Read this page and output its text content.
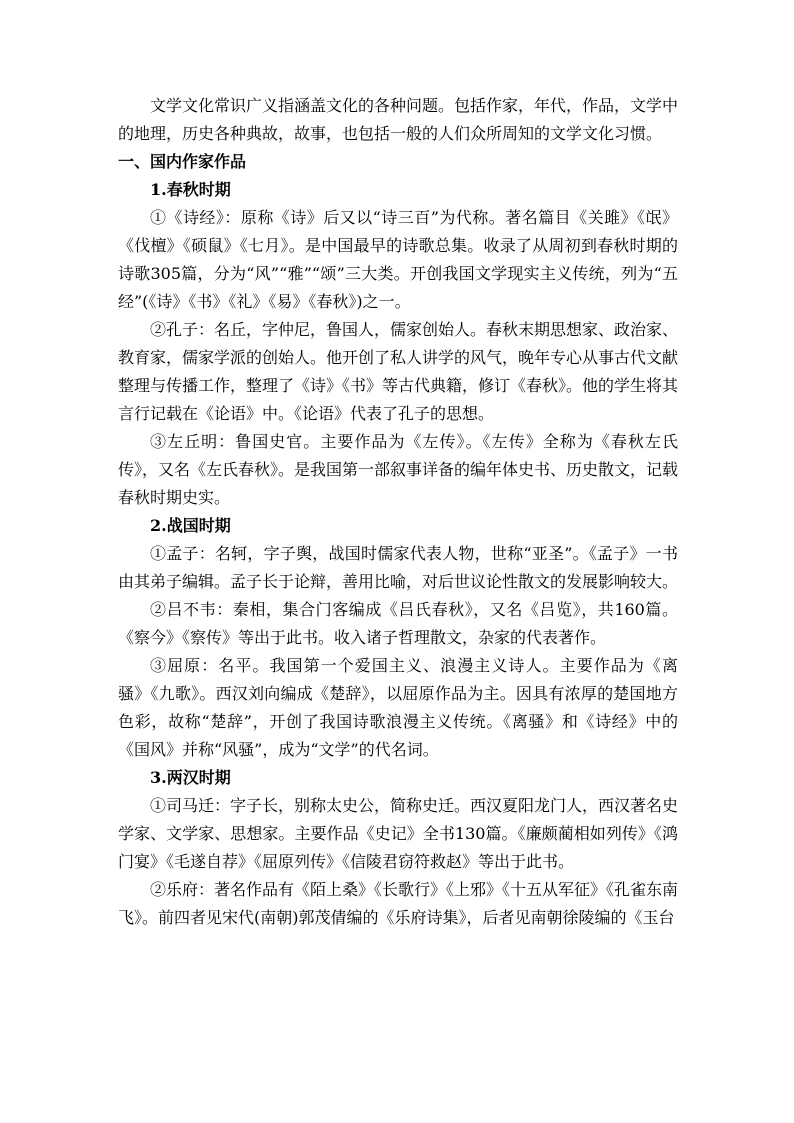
文学文化常识广义指涵盖文化的各种问题。包括作家，年代，作品，文学中的地理，历史各种典故，故事，也包括一般的人们众所周知的文学文化习惯。

一、国内作家作品

1.春秋时期

①《诗经》：原称《诗》后又以“诗三百”为代称。著名篇目《关雎》《氓》《伐檀》《硕鼠》《七月》。是中国最早的诗歌总集。收录了从周初到春秋时期的诗歌305篇，分为“风”“雅”“颂”三大类。开创我国文学现实主义传统，列为“五经”(《诗》《书》《礼》《易》《春秋》)之一。

②孔子：名丘，字仲尼，鲁国人，儒家创始人。春秋末期思想家、政治家、教育家，儒家学派的创始人。他开创了私人讲学的风气，晚年专心从事古代文献整理与传播工作，整理了《诗》《书》等古代典籍，修订《春秋》。他的学生将其言行记载在《论语》中。《论语》代表了孔子的思想。

③左丘明：鲁国史官。主要作品为《左传》。《左传》全称为《春秋左氏传》，又名《左氏春秋》。是我国第一部叙事详备的编年体史书、历史散文，记载春秋时期史实。

2.战国时期

①孟子：名轲，字子舆，战国时儒家代表人物，世称“亚圣”。《孟子》一书由其弟子编辑。孟子长于论辩，善用比喻，对后世议论性散文的发展影响较大。

②吕不韦：秦相，集合门客编成《吕氏春秋》，又名《吕览》，共160篇。《察今》《察传》等出于此书。收入诸子哲理散文，杂家的代表著作。

③屈原：名平。我国第一个爱国主义、浪漫主义诗人。主要作品为《离骚》《九歌》。西汉刘向编成《楚辞》，以屈原作品为主。因具有浓厚的楚国地方色彩，故称“楚辞”，开创了我国诗歌浪漫主义传统。《离骚》和《诗经》中的《国风》并称“风骚”，成为“文学”的代名词。

3.两汉时期

①司马迁：字子长，别称太史公，简称史迁。西汉夏阳龙门人，西汉著名史学家、文学家、思想家。主要作品《史记》全书130篇。《廉颇蔺相如列传》《鸿门宴》《毛遂自荐》《屈原列传》《信陵君窃符救赵》等出于此书。

②乐府：著名作品有《陌上桑》《长歌行》《上邪》《十五从军征》《孔雀东南飞》。前四者见宋代(南朝)郭茂倩编的《乐府诗集》，后者见南朝徐陵编的《玉台
